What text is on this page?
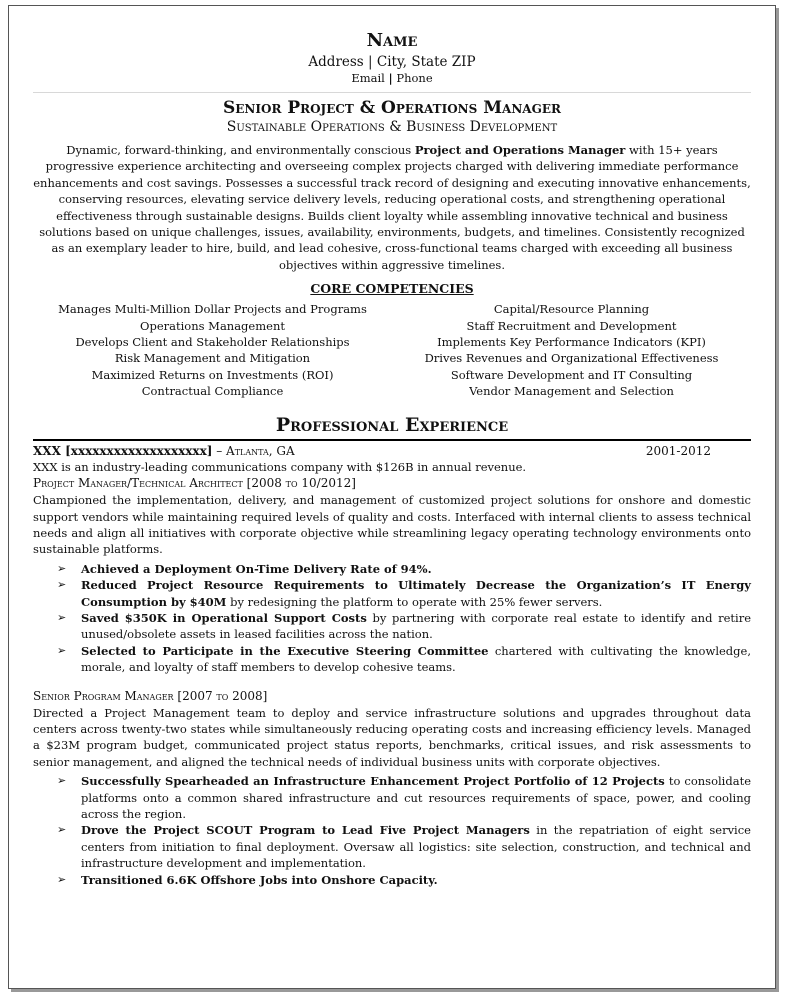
Name
Address | City, State ZIP
Email | Phone
Senior Project & Operations Manager
Sustainable Operations & Business Development
Dynamic, forward-thinking, and environmentally conscious Project and Operations Manager with 15+ years progressive experience architecting and overseeing complex projects charged with delivering immediate performance enhancements and cost savings. Possesses a successful track record of designing and executing innovative enhancements, conserving resources, elevating service delivery levels, reducing operational costs, and strengthening operational effectiveness through sustainable designs. Builds client loyalty while assembling innovative technical and business solutions based on unique challenges, issues, availability, environments, budgets, and timelines. Consistently recognized as an exemplary leader to hire, build, and lead cohesive, cross-functional teams charged with exceeding all business objectives within aggressive timelines.
CORE COMPETENCIES
Manages Multi-Million Dollar Projects and Programs
Operations Management
Develops Client and Stakeholder Relationships
Risk Management and Mitigation
Maximized Returns on Investments (ROI)
Contractual Compliance
Capital/Resource Planning
Staff Recruitment and Development
Implements Key Performance Indicators (KPI)
Drives Revenues and Organizational Effectiveness
Software Development and IT Consulting
Vendor Management and Selection
Professional Experience
XXX [xxxxxxxxxxxxxxxxxxx] – Atlanta, GA	2001-2012
XXX is an industry-leading communications company with $126B in annual revenue.
Project Manager/Technical Architect [2008 to 10/2012]
Championed the implementation, delivery, and management of customized project solutions for onshore and domestic support vendors while maintaining required levels of quality and costs. Interfaced with internal clients to assess technical needs and align all initiatives with corporate objective while streamlining legacy operating technology environments onto sustainable platforms.
➢ Achieved a Deployment On-Time Delivery Rate of 94%.
➢ Reduced Project Resource Requirements to Ultimately Decrease the Organization’s IT Energy Consumption by $40M by redesigning the platform to operate with 25% fewer servers.
➢ Saved $350K in Operational Support Costs by partnering with corporate real estate to identify and retire unused/obsolete assets in leased facilities across the nation.
➢ Selected to Participate in the Executive Steering Committee chartered with cultivating the knowledge, morale, and loyalty of staff members to develop cohesive teams.
Senior Program Manager [2007 to 2008]
Directed a Project Management team to deploy and service infrastructure solutions and upgrades throughout data centers across twenty-two states while simultaneously reducing operating costs and increasing efficiency levels. Managed a $23M program budget, communicated project status reports, benchmarks, critical issues, and risk assessments to senior management, and aligned the technical needs of individual business units with corporate objectives.
➢ Successfully Spearheaded an Infrastructure Enhancement Project Portfolio of 12 Projects to consolidate platforms onto a common shared infrastructure and cut resources requirements of space, power, and cooling across the region.
➢ Drove the Project SCOUT Program to Lead Five Project Managers in the repatriation of eight service centers from initiation to final deployment. Oversaw all logistics: site selection, construction, and technical and infrastructure development and implementation.
➢ Transitioned 6.6K Offshore Jobs into Onshore Capacity.
